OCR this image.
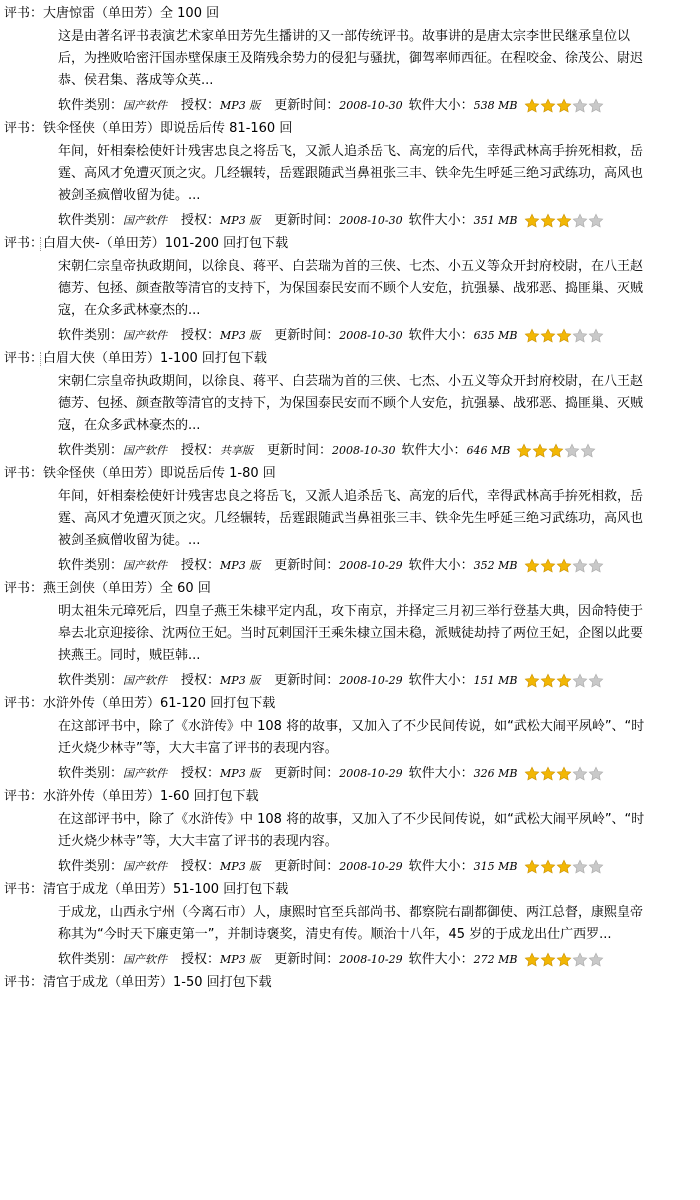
评书：大唐惊雷（单田芳）全 100 回
这是由著名评书表演艺术家单田芳先生播讲的又一部传统评书。故事讲的是唐太宗李世民继承皇位以后，为挫败哈密汗国赤壁保康王及隋残余势力的侵犯与骚扰，御驾率师西征。在程咬金、徐茂公、尉迟恭、侯君集、落成等众英...
软件类别： 国产软件 授权： MP3 版 更新时间： 2008-10-30 软件大小： 538 MB
评书：铁伞怪侠（单田芳）即说岳后传 81-160 回
年间，奸相秦桧使奸计残害忠良之将岳飞，又派人追杀岳飞、高宠的后代，幸得武林高手拚死相救，岳霆、高风才免遭灭顶之灾。几经辗转，岳霆跟随武当鼻祖张三丰、铁伞先生呼延三绝习武练功，高风也被剑圣疯僧收留为徒。...
软件类别： 国产软件 授权： MP3 版 更新时间： 2008-10-30 软件大小： 351 MB
评书：白眉大侠-（单田芳）101-200 回打包下载
宋朝仁宗皇帝执政期间，以徐良、蒋平、白芸瑞为首的三侠、七杰、小五义等众开封府校尉，在八王赵德芳、包拯、颜查散等清官的支持下，为保国泰民安而不顾个人安危，抗强暴、战邪恶、捣匪巢、灭贼寇，在众多武林豪杰的...
软件类别： 国产软件 授权： MP3 版 更新时间： 2008-10-30 软件大小： 635 MB
评书：白眉大侠（单田芳）1-100 回打包下载
宋朝仁宗皇帝执政期间，以徐良、蒋平、白芸瑞为首的三侠、七杰、小五义等众开封府校尉，在八王赵德芳、包拯、颜查散等清官的支持下，为保国泰民安而不顾个人安危，抗强暴、战邪恶、捣匪巢、灭贼寇，在众多武林豪杰的...
软件类别： 国产软件 授权： 共享版 更新时间： 2008-10-30 软件大小： 646 MB
评书：铁伞怪侠（单田芳）即说岳后传 1-80 回
年间，奸相秦桧使奸计残害忠良之将岳飞，又派人追杀岳飞、高宠的后代，幸得武林高手拚死相救，岳霆、高风才免遭灭顶之灾。几经辗转，岳霆跟随武当鼻祖张三丰、铁伞先生呼延三绝习武练功，高风也被剑圣疯僧收留为徒。...
软件类别： 国产软件 授权： MP3 版 更新时间： 2008-10-29 软件大小： 352 MB
评书：燕王剑侠（单田芳）全 60 回
明太祖朱元璋死后，四皇子燕王朱棣平定内乱，攻下南京，并择定三月初三举行登基大典，因命特使于皋去北京迎接徐、沈两位王妃。当时瓦剌国汗王乘朱棣立国未稳，派贼徒劫持了两位王妃，企图以此要挟燕王。同时，贼臣韩...
软件类别： 国产软件 授权： MP3 版 更新时间： 2008-10-29 软件大小： 151 MB
评书：水浒外传（单田芳）61-120 回打包下载
在这部评书中，除了《水浒传》中 108 将的故事，又加入了不少民间传说，如“武松大闹平夙岭”、“时迁火烧少林寺”等，大大丰富了评书的表现内容。
软件类别： 国产软件 授权： MP3 版 更新时间： 2008-10-29 软件大小： 326 MB
评书：水浒外传（单田芳）1-60 回打包下载
在这部评书中，除了《水浒传》中 108 将的故事，又加入了不少民间传说，如“武松大闹平夙岭”、“时迁火烧少林寺”等，大大丰富了评书的表现内容。
软件类别： 国产软件 授权： MP3 版 更新时间： 2008-10-29 软件大小： 315 MB
评书：清官于成龙（单田芳）51-100 回打包下载
于成龙，山西永宁州（今离石市）人，康熙时官至兵部尚书、都察院右副都御使、两江总督，康熙皇帝称其为“今时天下廉吏第一”，并制诗褒奖，清史有传。顺治十八年，45 岁的于成龙出仕广西罗...
软件类别： 国产软件 授权： MP3 版 更新时间： 2008-10-29 软件大小： 272 MB
评书：清官于成龙（单田芳）1-50 回打包下载
